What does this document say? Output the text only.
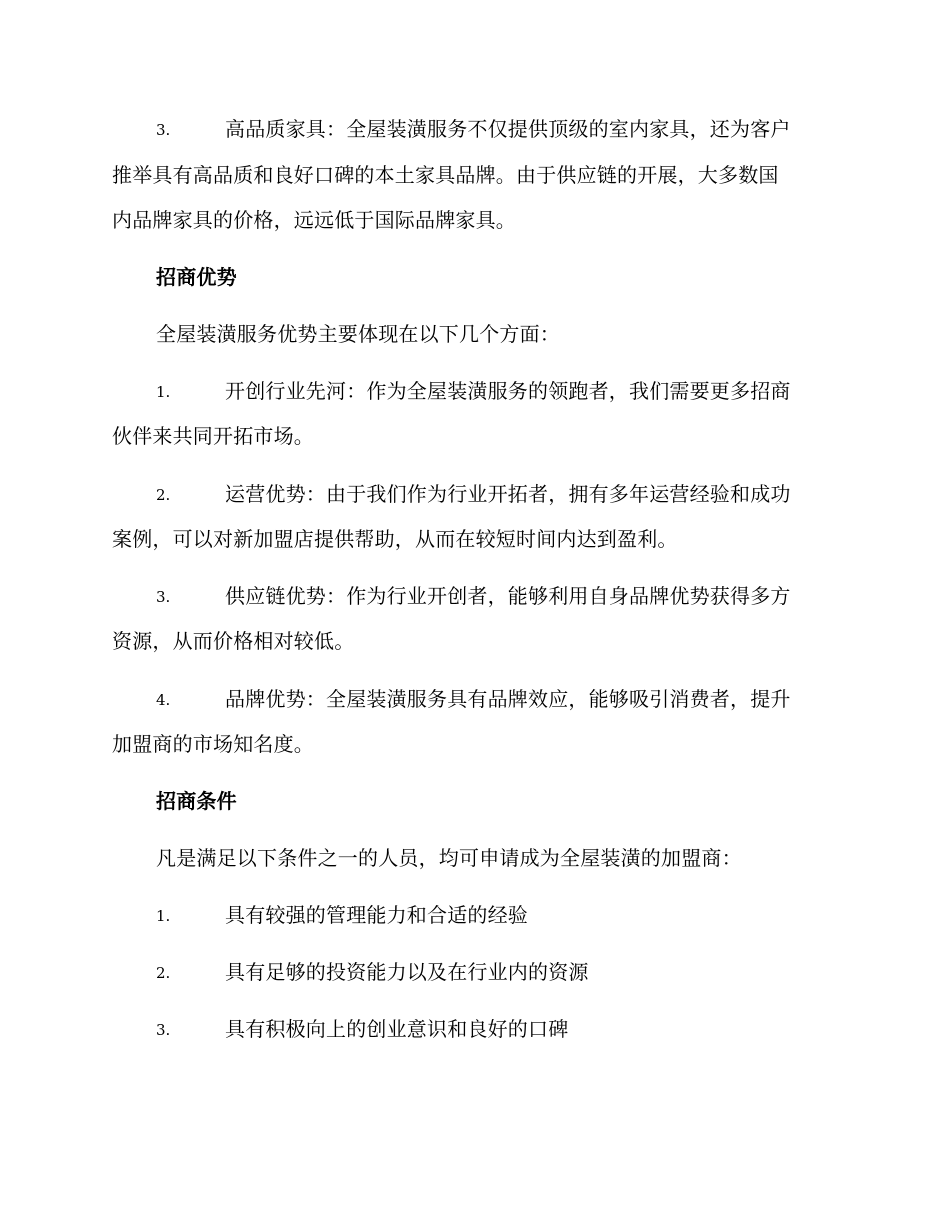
3.	高品质家具：全屋装潢服务不仅提供顶级的室内家具，还为客户
推举具有高品质和良好口碑的本土家具品牌。由于供应链的开展，大多数国
内品牌家具的价格，远远低于国际品牌家具。
招商优势
全屋装潢服务优势主要体现在以下几个方面：
1.	开创行业先河：作为全屋装潢服务的领跑者，我们需要更多招商
伙伴来共同开拓市场。
2.	运营优势：由于我们作为行业开拓者，拥有多年运营经验和成功
案例，可以对新加盟店提供帮助，从而在较短时间内达到盈利。
3.	供应链优势：作为行业开创者，能够利用自身品牌优势获得多方
资源，从而价格相对较低。
4.	品牌优势：全屋装潢服务具有品牌效应，能够吸引消费者，提升
加盟商的市场知名度。
招商条件
凡是满足以下条件之一的人员，均可申请成为全屋装潢的加盟商：
1.	具有较强的管理能力和合适的经验
2.	具有足够的投资能力以及在行业内的资源
3.	具有积极向上的创业意识和良好的口碑
